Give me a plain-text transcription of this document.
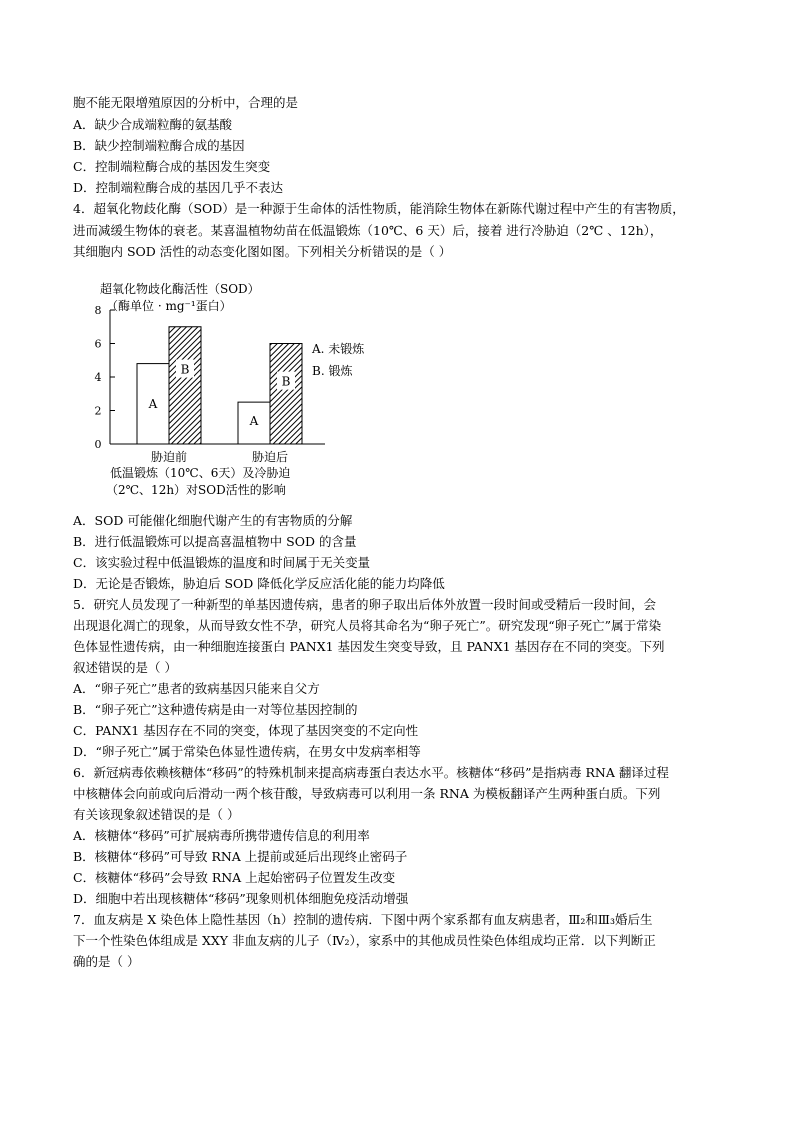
胞不能无限增殖原因的分析中，合理的是
A．缺少合成端粒酶的氨基酸
B．缺少控制端粒酶合成的基因
C．控制端粒酶合成的基因发生突变
D．控制端粒酶合成的基因几乎不表达
4．超氧化物歧化酶（SOD）是一种源于生命体的活性物质，能消除生物体在新陈代谢过程中产生的有害物质，
进而减缓生物体的衰老。某喜温植物幼苗在低温锻炼（10℃、6 天）后，接着 进行冷胁迫（2℃ 、12h），
其细胞内 SOD 活性的动态变化图如图。下列相关分析错误的是（ ）
超氧化物歧化酶活性（SOD）
（酶单位 · mg⁻¹蛋白）
0
2
4
6
8
A
B
胁迫前
A
B
胁迫后
A. 未锻炼
B. 锻炼
低温锻炼（10℃、6天）及冷胁迫
（2℃、12h）对SOD活性的影响
A．SOD 可能催化细胞代谢产生的有害物质的分解
B．进行低温锻炼可以提高喜温植物中 SOD 的含量
C．该实验过程中低温锻炼的温度和时间属于无关变量
D．无论是否锻炼，胁迫后 SOD 降低化学反应活化能的能力均降低
5．研究人员发现了一种新型的单基因遗传病，患者的卵子取出后体外放置一段时间或受精后一段时间，会
出现退化凋亡的现象，从而导致女性不孕，研究人员将其命名为“卵子死亡”。研究发现“卵子死亡”属于常染
色体显性遗传病，由一种细胞连接蛋白 PANX1 基因发生突变导致，且 PANX1 基因存在不同的突变。下列
叙述错误的是（ ）
A．“卵子死亡”患者的致病基因只能来自父方
B．“卵子死亡”这种遗传病是由一对等位基因控制的
C．PANX1 基因存在不同的突变，体现了基因突变的不定向性
D．“卵子死亡”属于常染色体显性遗传病，在男女中发病率相等
6．新冠病毒依赖核糖体“移码”的特殊机制来提高病毒蛋白表达水平。核糖体“移码”是指病毒 RNA 翻译过程
中核糖体会向前或向后滑动一两个核苷酸，导致病毒可以利用一条 RNA 为模板翻译产生两种蛋白质。下列
有关该现象叙述错误的是（ ）
A．核糖体“移码”可扩展病毒所携带遗传信息的利用率
B．核糖体“移码”可导致 RNA 上提前或延后出现终止密码子
C．核糖体“移码”会导致 RNA 上起始密码子位置发生改变
D．细胞中若出现核糖体“移码”现象则机体细胞免疫活动增强
7．血友病是 X 染色体上隐性基因（h）控制的遗传病．下图中两个家系都有血友病患者，Ⅲ₂和Ⅲ₃婚后生
下一个性染色体组成是 XXY 非血友病的儿子（Ⅳ₂），家系中的其他成员性染色体组成均正常．以下判断正
确的是（ ）
